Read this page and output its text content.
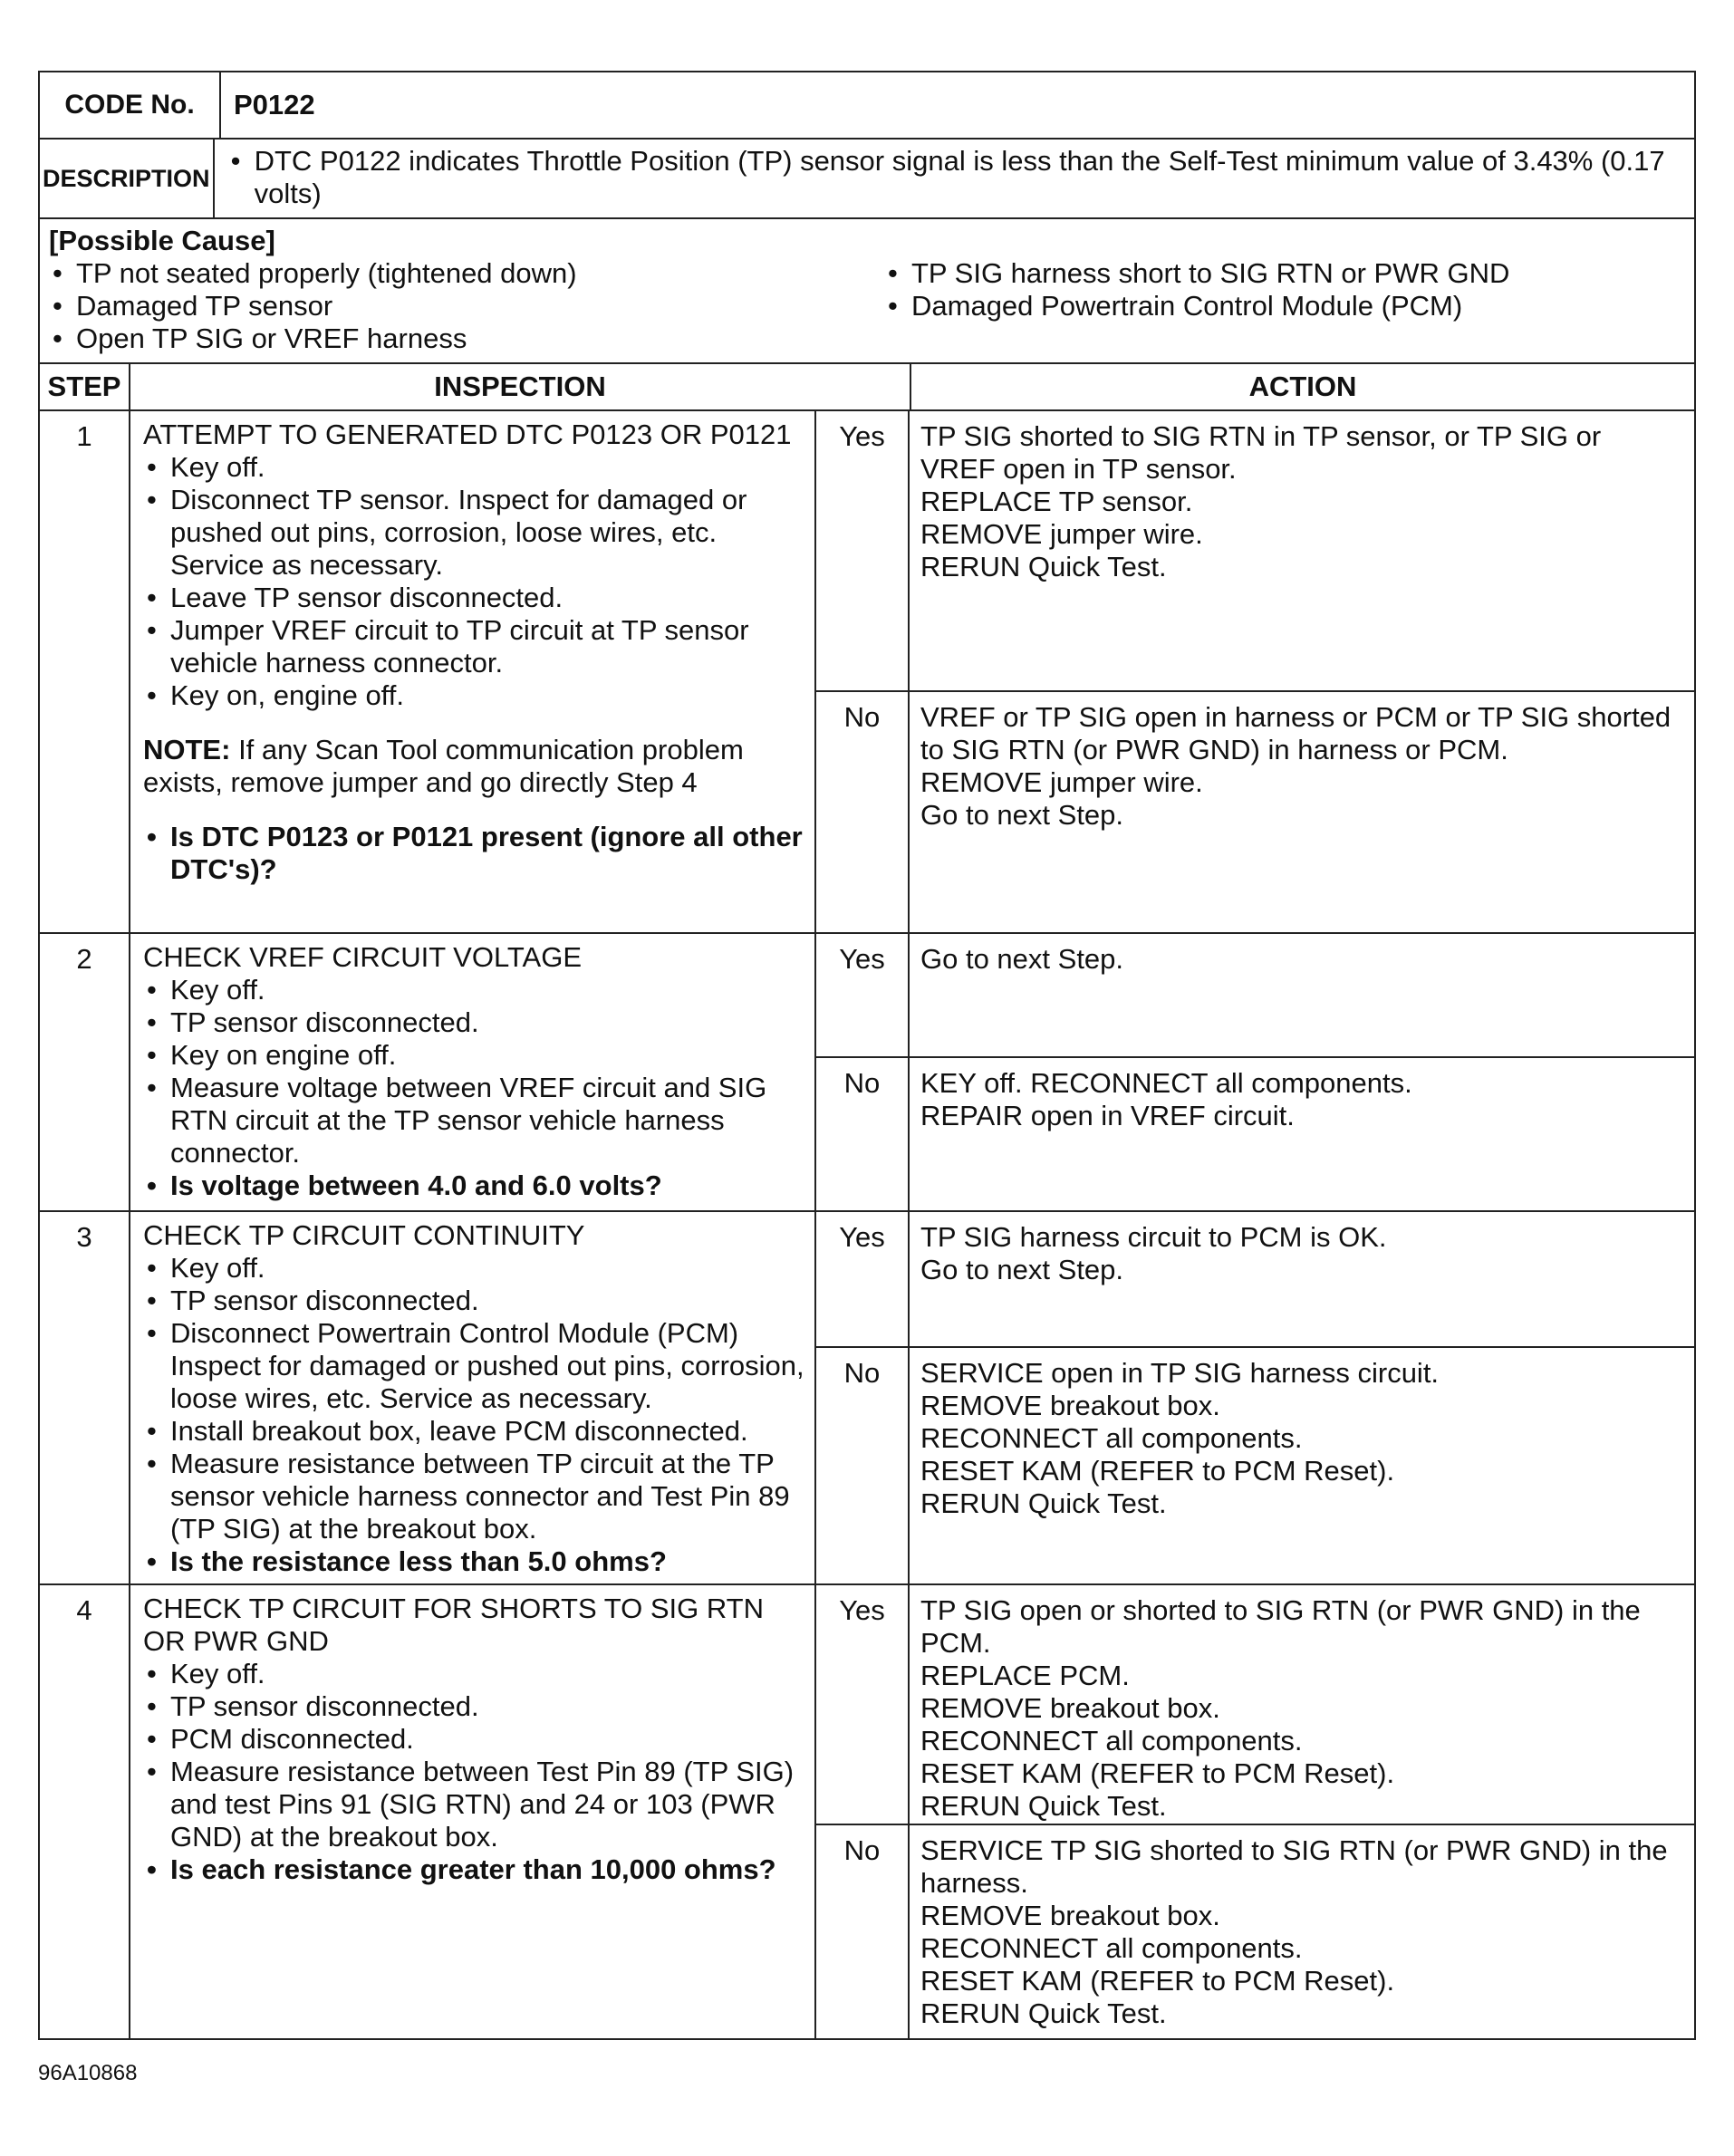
CODE No.	P0122
DESCRIPTION
• DTC P0122 indicates Throttle Position (TP) sensor signal is less than the Self-Test minimum value of 3.43% (0.17 volts)
[Possible Cause]
• TP not seated properly (tightened down)
• Damaged TP sensor
• Open TP SIG or VREF harness
• TP SIG harness short to SIG RTN or PWR GND
• Damaged Powertrain Control Module (PCM)
STEP	INSPECTION	ACTION
1	ATTEMPT TO GENERATED DTC P0123 OR P0121
• Key off.
• Disconnect TP sensor. Inspect for damaged or pushed out pins, corrosion, loose wires, etc. Service as necessary.
• Leave TP sensor disconnected.
• Jumper VREF circuit to TP circuit at TP sensor vehicle harness connector.
• Key on, engine off.
NOTE: If any Scan Tool communication problem exists, remove jumper and go directly Step 4
• Is DTC P0123 or P0121 present (ignore all other DTC's)?
Yes	TP SIG shorted to SIG RTN in TP sensor, or TP SIG or VREF open in TP sensor.
REPLACE TP sensor.
REMOVE jumper wire.
RERUN Quick Test.
No	VREF or TP SIG open in harness or PCM or TP SIG shorted to SIG RTN (or PWR GND) in harness or PCM.
REMOVE jumper wire.
Go to next Step.
2	CHECK VREF CIRCUIT VOLTAGE
• Key off.
• TP sensor disconnected.
• Key on engine off.
• Measure voltage between VREF circuit and SIG RTN circuit at the TP sensor vehicle harness connector.
• Is voltage between 4.0 and 6.0 volts?
Yes	Go to next Step.
No	KEY off. RECONNECT all components.
REPAIR open in VREF circuit.
3	CHECK TP CIRCUIT CONTINUITY
• Key off.
• TP sensor disconnected.
• Disconnect Powertrain Control Module (PCM) Inspect for damaged or pushed out pins, corrosion, loose wires, etc. Service as necessary.
• Install breakout box, leave PCM disconnected.
• Measure resistance between TP circuit at the TP sensor vehicle harness connector and Test Pin 89 (TP SIG) at the breakout box.
• Is the resistance less than 5.0 ohms?
Yes	TP SIG harness circuit to PCM is OK.
Go to next Step.
No	SERVICE open in TP SIG harness circuit.
REMOVE breakout box.
RECONNECT all components.
RESET KAM (REFER to PCM Reset).
RERUN Quick Test.
4	CHECK TP CIRCUIT FOR SHORTS TO SIG RTN OR PWR GND
• Key off.
• TP sensor disconnected.
• PCM disconnected.
• Measure resistance between Test Pin 89 (TP SIG) and test Pins 91 (SIG RTN) and 24 or 103 (PWR GND) at the breakout box.
• Is each resistance greater than 10,000 ohms?
Yes	TP SIG open or shorted to SIG RTN (or PWR GND) in the PCM.
REPLACE PCM.
REMOVE breakout box.
RECONNECT all components.
RESET KAM (REFER to PCM Reset).
RERUN Quick Test.
No	SERVICE TP SIG shorted to SIG RTN (or PWR GND) in the harness.
REMOVE breakout box.
RECONNECT all components.
RESET KAM (REFER to PCM Reset).
RERUN Quick Test.
96A10868
